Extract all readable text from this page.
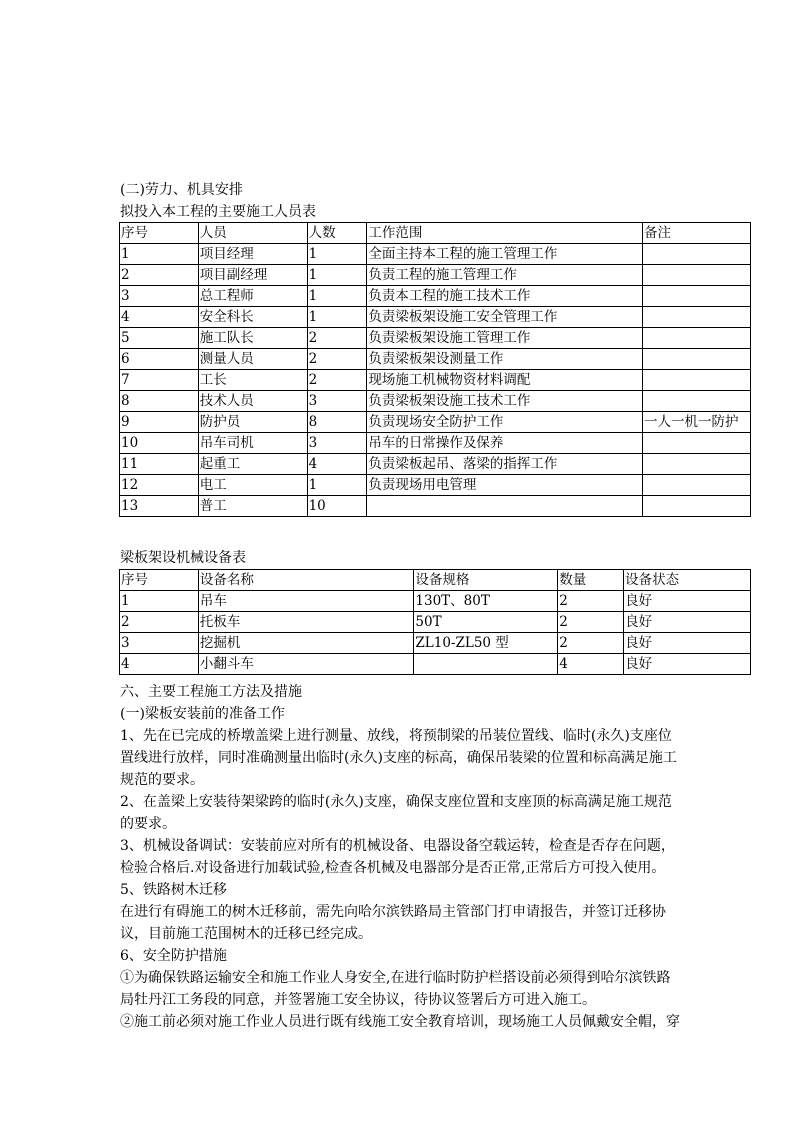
(二)劳力、机具安排
拟投入本工程的主要施工人员表
序号	人员	人数	工作范围	备注
1	项目经理	1	全面主持本工程的施工管理工作	
2	项目副经理	1	负责工程的施工管理工作	
3	总工程师	1	负责本工程的施工技术工作	
4	安全科长	1	负责梁板架设施工安全管理工作	
5	施工队长	2	负责梁板架设施工管理工作	
6	测量人员	2	负责梁板架设测量工作	
7	工长	2	现场施工机械物资材料调配	
8	技术人员	3	负责梁板架设施工技术工作	
9	防护员	8	负责现场安全防护工作	一人一机一防护
10	吊车司机	3	吊车的日常操作及保养	
11	起重工	4	负责梁板起吊、落梁的指挥工作	
12	电工	1	负责现场用电管理	
13	普工	10		
梁板架设机械设备表
序号	设备名称	设备规格	数量	设备状态
1	吊车	130T、80T	2	良好
2	托板车	50T	2	良好
3	挖掘机	ZL10-ZL50 型	2	良好
4	小翻斗车		4	良好

六、主要工程施工方法及措施

(一)梁板安装前的准备工作

1、先在已完成的桥墩盖梁上进行测量、放线，将预制梁的吊装位置线、临时(永久)支座位置线进行放样，同时准确测量出临时(永久)支座的标高，确保吊装梁的位置和标高满足施工规范的要求。

2、在盖梁上安装待架梁跨的临时(永久)支座，确保支座位置和支座顶的标高满足施工规范的要求。

3、机械设备调试：安装前应对所有的机械设备、电器设备空载运转，检查是否存在问题，检验合格后.对设备进行加载试验,检查各机械及电器部分是否正常,正常后方可投入使用。

5、铁路树木迁移

在进行有碍施工的树木迁移前，需先向哈尔滨铁路局主管部门打申请报告，并签订迁移协议，目前施工范围树木的迁移已经完成。

6、安全防护措施

①为确保铁路运输安全和施工作业人身安全,在进行临时防护栏搭设前必须得到哈尔滨铁路局牡丹江工务段的同意，并签署施工安全协议，待协议签署后方可进入施工。

②施工前必须对施工作业人员进行既有线施工安全教育培训，现场施工人员佩戴安全帽，穿
